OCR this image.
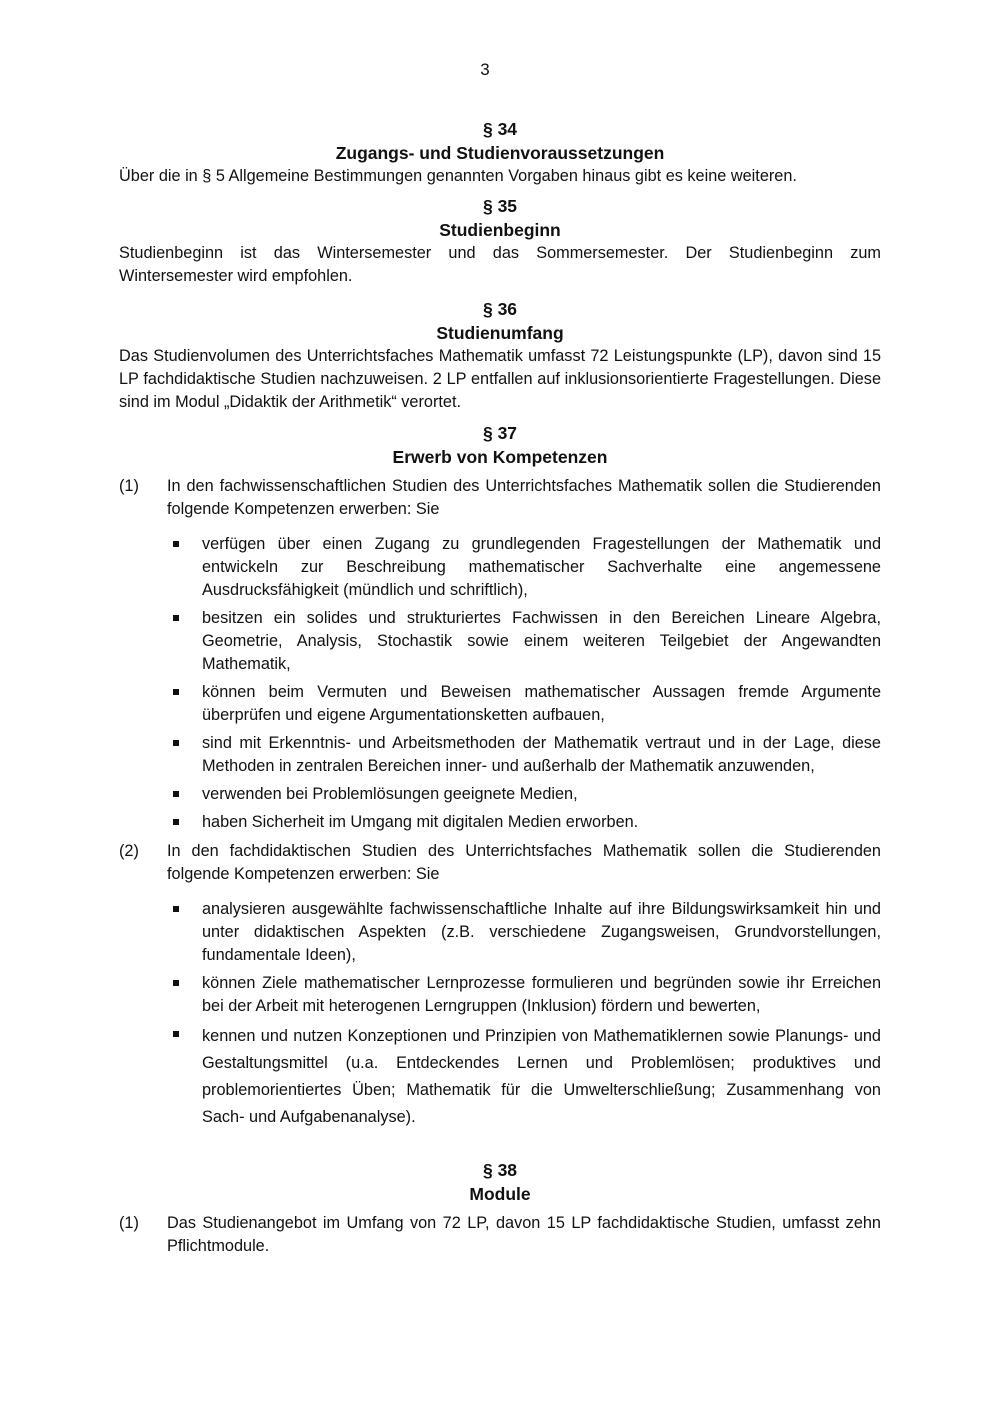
3
§ 34
Zugangs- und Studienvoraussetzungen

Über die in § 5 Allgemeine Bestimmungen genannten Vorgaben hinaus gibt es keine weiteren.

§ 35
Studienbeginn

Studienbeginn ist das Wintersemester und das Sommersemester. Der Studienbeginn zum Wintersemester wird empfohlen.

§ 36
Studienumfang

Das Studienvolumen des Unterrichtsfaches Mathematik umfasst 72 Leistungspunkte (LP), davon sind 15 LP fachdidaktische Studien nachzuweisen. 2 LP entfallen auf inklusionsorientierte Fragestellungen. Diese sind im Modul „Didaktik der Arithmetik“ verortet.

§ 37
Erwerb von Kompetenzen
(1) In den fachwissenschaftlichen Studien des Unterrichtsfaches Mathematik sollen die Studierenden folgende Kompetenzen erwerben: Sie
verfügen über einen Zugang zu grundlegenden Fragestellungen der Mathematik und entwickeln zur Beschreibung mathematischer Sachverhalte eine angemessene Ausdrucksfähigkeit (mündlich und schriftlich),
besitzen ein solides und strukturiertes Fachwissen in den Bereichen Lineare Algebra, Geometrie, Analysis, Stochastik sowie einem weiteren Teilgebiet der Angewandten Mathematik,
können beim Vermuten und Beweisen mathematischer Aussagen fremde Argumente überprüfen und eigene Argumentationsketten aufbauen,
sind mit Erkenntnis- und Arbeitsmethoden der Mathematik vertraut und in der Lage, diese Methoden in zentralen Bereichen inner- und außerhalb der Mathematik anzuwenden,
verwenden bei Problemlösungen geeignete Medien,
haben Sicherheit im Umgang mit digitalen Medien erworben.
(2) In den fachdidaktischen Studien des Unterrichtsfaches Mathematik sollen die Studierenden folgende Kompetenzen erwerben: Sie
analysieren ausgewählte fachwissenschaftliche Inhalte auf ihre Bildungswirksamkeit hin und unter didaktischen Aspekten (z.B. verschiedene Zugangsweisen, Grundvorstellungen, fundamentale Ideen),
können Ziele mathematischer Lernprozesse formulieren und begründen sowie ihr Erreichen bei der Arbeit mit heterogenen Lerngruppen (Inklusion) fördern und bewerten,
kennen und nutzen Konzeptionen und Prinzipien von Mathematiklernen sowie Planungs- und Gestaltungsmittel (u.a. Entdeckendes Lernen und Problemlösen; produktives und problemorientiertes Üben; Mathematik für die Umwelterschließung; Zusammenhang von Sach- und Aufgabenanalyse).
§ 38
Module
(1) Das Studienangebot im Umfang von 72 LP, davon 15 LP fachdidaktische Studien, umfasst zehn Pflichtmodule.
